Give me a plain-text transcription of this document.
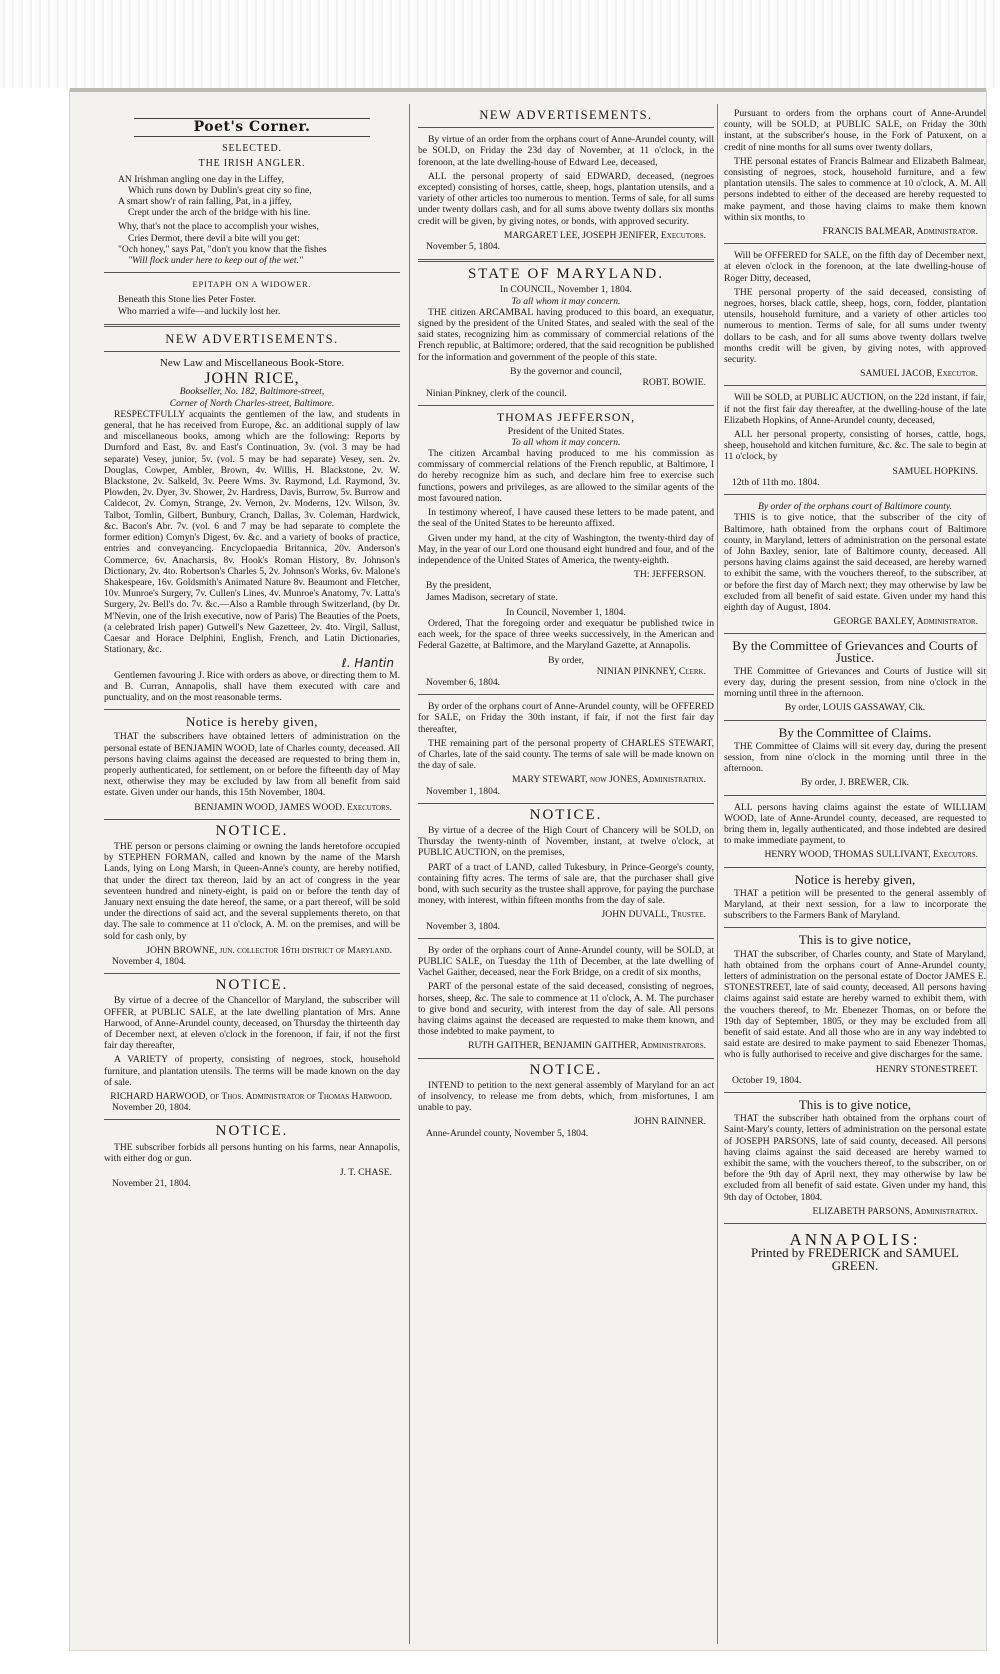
Poet's Corner.
SELECTED.
THE IRISH ANGLER.

AN Irishman angling one day in the Liffey,

Which runs down by Dublin's great city so fine,

A smart show'r of rain falling, Pat, in a jiffey,

Crept under the arch of the bridge with his line.

Why, that's not the place to accomplish your wishes,

Cries Dermot, there devil a bite will you get:

"Och honey," says Pat, "don't you know that the fishes

"Will flock under here to keep out of the wet."

EPITAPH ON A WIDOWER.

Beneath this Stone lies Peter Foster.

Who married a wife—and luckily lost her.

NEW ADVERTISEMENTS.
New Law and Miscellaneous Book-Store.
JOHN RICE,
Bookseller, No. 182, Baltimore-street,
Corner of North Charles-street, Baltimore.

RESPECTFULLY acquaints the gentlemen of the law, and students in general, that he has received from Europe, &c. an additional supply of law and miscellaneous books, among which are the following: Reports by Durnford and East, 8v. and East's Continuation, 3v. (vol. 3 may be had separate) Vesey, junior, 5v. (vol. 5 may be had separate) Vesey, sen. 2v. Douglas, Cowper, Ambler, Brown, 4v. Willis, H. Blackstone, 2v. W. Blackstone, 2v. Salkeld, 3v. Peere Wms. 3v. Raymond, Ld. Raymond, 3v. Plowden, 2v. Dyer, 3v. Shower, 2v. Hardress, Davis, Burrow, 5v. Burrow and Caldecot, 2v. Comyn, Strange, 2v. Vernon, 2v. Moderns, 12v. Wilson, 3v. Talbot, Tomlin, Gilbert, Bunbury, Cranch, Dallas, 3v. Coleman, Hardwick, &c. Bacon's Abr. 7v. (vol. 6 and 7 may be had separate to complete the former edition) Comyn's Digest, 6v. &c. and a variety of books of practice, entries and conveyancing. Encyclopaedia Britannica, 20v. Anderson's Commerce, 6v. Anacharsis, 8v. Hook's Roman History, 8v. Johnson's Dictionary, 2v. 4to. Robertson's Charles 5, 2v. Johnson's Works, 6v. Malone's Shakespeare, 16v. Goldsmith's Animated Nature 8v. Beaumont and Fletcher, 10v. Munroe's Surgery, 7v. Cullen's Lines, 4v. Munroe's Anatomy, 7v. Latta's Surgery, 2v. Bell's do. 7v. &c.—Also a Ramble through Switzerland, (by Dr. M'Nevin, one of the Irish executive, now of Paris) The Beauties of the Poets, (a celebrated Irish paper) Gutwell's New Gazetteer, 2v. 4to. Virgil, Sallust, Caesar and Horace Delphini, English, French, and Latin Dictionaries, Stationary, &c.

ℓ. Hantin

Gentlemen favouring J. Rice with orders as above, or directing them to M. and B. Curran, Annapolis, shall have them executed with care and punctuality, and on the most reasonable terms.

Notice is hereby given,

THAT the subscribers have obtained letters of administration on the personal estate of BENJAMIN WOOD, late of Charles county, deceased. All persons having claims against the deceased are requested to bring them in, properly authenticated, for settlement, on or before the fifteenth day of May next, otherwise they may be excluded by law from all benefit from said estate. Given under our hands, this 15th November, 1804.

BENJAMIN WOOD, JAMES WOOD. Executors.
NOTICE.

THE person or persons claiming or owning the lands heretofore occupied by STEPHEN FORMAN, called and known by the name of the Marsh Lands, lying on Long Marsh, in Queen-Anne's county, are hereby notified, that under the direct tax thereon, laid by an act of congress in the year seventeen hundred and ninety-eight, is paid on or before the tenth day of January next ensuing the date hereof, the same, or a part thereof, will be sold under the directions of said act, and the several supplements thereto, on that day. The sale to commence at 11 o'clock, A. M. on the premises, and will be sold for cash only, by

JOHN BROWNE, jun. collector 16th district of Maryland.
November 4, 1804.
NOTICE.

By virtue of a decree of the Chancellor of Maryland, the subscriber will OFFER, at PUBLIC SALE, at the late dwelling plantation of Mrs. Anne Harwood, of Anne-Arundel county, deceased, on Thursday the thirteenth day of December next, at eleven o'clock in the forenoon, if fair, if not the first fair day thereafter,

A VARIETY of property, consisting of negroes, stock, household furniture, and plantation utensils. The terms will be made known on the day of sale.

RICHARD HARWOOD, of Thos. Administrator of Thomas Harwood.
November 20, 1804.
NOTICE.

THE subscriber forbids all persons hunting on his farms, near Annapolis, with either dog or gun.

J. T. CHASE.
November 21, 1804.
NEW ADVERTISEMENTS.

By virtue of an order from the orphans court of Anne-Arundel county, will be SOLD, on Friday the 23d day of November, at 11 o'clock, in the forenoon, at the late dwelling-house of Edward Lee, deceased,

ALL the personal property of said EDWARD, deceased, (negroes excepted) consisting of horses, cattle, sheep, hogs, plantation utensils, and a variety of other articles too numerous to mention. Terms of sale, for all sums under twenty dollars cash, and for all sums above twenty dollars six months credit will be given, by giving notes, or bonds, with approved security.

MARGARET LEE, JOSEPH JENIFER, Executors.
November 5, 1804.
STATE OF MARYLAND.
In COUNCIL, November 1, 1804.
To all whom it may concern.

THE citizen ARCAMBAL having produced to this board, an exequatur, signed by the president of the United States, and sealed with the seal of the said states, recognizing him as commissary of commercial relations of the French republic, at Baltimore; ordered, that the said recognition be published for the information and government of the people of this state.

By the governor and council,
ROBT. BOWIE.
Ninian Pinkney, clerk of the council.
THOMAS JEFFERSON,
President of the United States.
To all whom it may concern.

The citizen Arcambal having produced to me his commission as commissary of commercial relations of the French republic, at Baltimore, I do hereby recognize him as such, and declare him free to exercise such functions, powers and privileges, as are allowed to the similar agents of the most favoured nation.

In testimony whereof, I have caused these letters to be made patent, and the seal of the United States to be hereunto affixed.

Given under my hand, at the city of Washington, the twenty-third day of May, in the year of our Lord one thousand eight hundred and four, and of the independence of the United States of America, the twenty-eighth.

TH: JEFFERSON.
By the president,
James Madison, secretary of state.
In Council, November 1, 1804.

Ordered, That the foregoing order and exequatur be published twice in each week, for the space of three weeks successively, in the American and Federal Gazette, at Baltimore, and the Maryland Gazette, at Annapolis.

By order,
NINIAN PINKNEY, Clerk.
November 6, 1804.

By order of the orphans court of Anne-Arundel county, will be OFFERED for SALE, on Friday the 30th instant, if fair, if not the first fair day thereafter,

THE remaining part of the personal property of CHARLES STEWART, of Charles, late of the said county. The terms of sale will be made known on the day of sale.

MARY STEWART, now JONES, Administratrix.
November 1, 1804.
NOTICE.

By virtue of a decree of the High Court of Chancery will be SOLD, on Thursday the twenty-ninth of November, instant, at twelve o'clock, at PUBLIC AUCTION, on the premises,

PART of a tract of LAND, called Tukesbury, in Prince-George's county, containing fifty acres. The terms of sale are, that the purchaser shall give bond, with such security as the trustee shall approve, for paying the purchase money, with interest, within fifteen months from the day of sale.

JOHN DUVALL, Trustee.
November 3, 1804.

By order of the orphans court of Anne-Arundel county, will be SOLD, at PUBLIC SALE, on Tuesday the 11th of December, at the late dwelling of Vachel Gaither, deceased, near the Fork Bridge, on a credit of six months,

PART of the personal estate of the said deceased, consisting of negroes, horses, sheep, &c. The sale to commence at 11 o'clock, A. M. The purchaser to give bond and security, with interest from the day of sale. All persons having claims against the deceased are requested to make them known, and those indebted to make payment, to

RUTH GAITHER, BENJAMIN GAITHER, Administrators.
NOTICE.

INTEND to petition to the next general assembly of Maryland for an act of insolvency, to release me from debts, which, from misfortunes, I am unable to pay.

JOHN RAINNER.
Anne-Arundel county, November 5, 1804.

Pursuant to orders from the orphans court of Anne-Arundel county, will be SOLD, at PUBLIC SALE, on Friday the 30th instant, at the subscriber's house, in the Fork of Patuxent, on a credit of nine months for all sums over twenty dollars,

THE personal estates of Francis Balmear and Elizabeth Balmear, consisting of negroes, stock, household furniture, and a few plantation utensils. The sales to commence at 10 o'clock, A. M. All persons indebted to either of the deceased are hereby requested to make payment, and those having claims to make them known within six months, to

FRANCIS BALMEAR, Administrator.

Will be OFFERED for SALE, on the fifth day of December next, at eleven o'clock in the forenoon, at the late dwelling-house of Roger Ditty, deceased,

THE personal property of the said deceased, consisting of negroes, horses, black cattle, sheep, hogs, corn, fodder, plantation utensils, household furniture, and a variety of other articles too numerous to mention. Terms of sale, for all sums under twenty dollars to be cash, and for all sums above twenty dollars twelve months credit will be given, by giving notes, with approved security.

SAMUEL JACOB, Executor.

Will be SOLD, at PUBLIC AUCTION, on the 22d instant, if fair, if not the first fair day thereafter, at the dwelling-house of the late Elizabeth Hopkins, of Anne-Arundel county, deceased,

ALL her personal property, consisting of horses, cattle, hogs, sheep, household and kitchen furniture, &c. &c. The sale to begin at 11 o'clock, by

SAMUEL HOPKINS.
12th of 11th mo. 1804.
By order of the orphans court of Baltimore county.

THIS is to give notice, that the subscriber of the city of Baltimore, hath obtained from the orphans court of Baltimore county, in Maryland, letters of administration on the personal estate of John Baxley, senior, late of Baltimore county, deceased. All persons having claims against the said deceased, are hereby warned to exhibit the same, with the vouchers thereof, to the subscriber, at or before the first day of March next; they may otherwise by law be excluded from all benefit of said estate. Given under my hand this eighth day of August, 1804.

GEORGE BAXLEY, Administrator.
By the Committee of Grievances and Courts of Justice.

THE Committee of Grievances and Courts of Justice will sit every day, during the present session, from nine o'clock in the morning until three in the afternoon.

By order, LOUIS GASSAWAY, Clk.
By the Committee of Claims.

THE Committee of Claims will sit every day, during the present session, from nine o'clock in the morning until three in the afternoon.

By order, J. BREWER, Clk.

ALL persons having claims against the estate of WILLIAM WOOD, late of Anne-Arundel county, deceased, are requested to bring them in, legally authenticated, and those indebted are desired to make immediate payment, to

HENRY WOOD, THOMAS SULLIVANT, Executors.
Notice is hereby given,

THAT a petition will be presented to the general assembly of Maryland, at their next session, for a law to incorporate the subscribers to the Farmers Bank of Maryland.

This is to give notice,

THAT the subscriber, of Charles county, and State of Maryland, hath obtained from the orphans court of Anne-Arundel county, letters of administration on the personal estate of Doctor JAMES E. STONESTREET, late of said county, deceased. All persons having claims against said estate are hereby warned to exhibit them, with the vouchers thereof, to Mr. Ebenezer Thomas, on or before the 19th day of September, 1805, or they may be excluded from all benefit of said estate. And all those who are in any way indebted to said estate are desired to make payment to said Ebenezer Thomas, who is fully authorised to receive and give discharges for the same.

HENRY STONESTREET.
October 19, 1804.
This is to give notice,

THAT the subscriber hath obtained from the orphans court of Saint-Mary's county, letters of administration on the personal estate of JOSEPH PARSONS, late of said county, deceased. All persons having claims against the said deceased are hereby warned to exhibit the same, with the vouchers thereof, to the subscriber, on or before the 9th day of April next, they may otherwise by law be excluded from all benefit of said estate. Given under my hand, this 9th day of October, 1804.

ELIZABETH PARSONS, Administratrix.
ANNAPOLIS:
Printed by FREDERICK and SAMUEL
GREEN.
